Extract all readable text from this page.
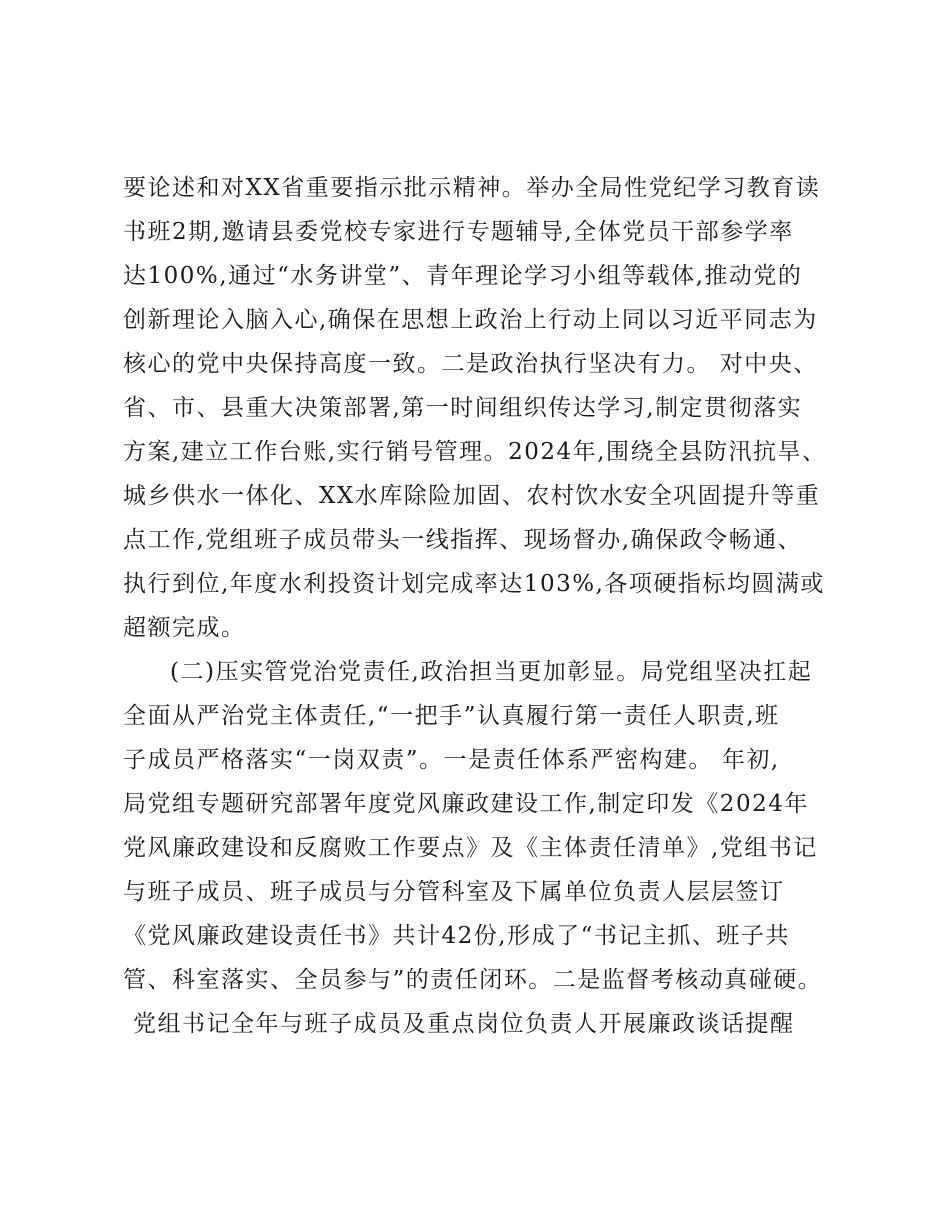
要论述和对XX省重要指示批示精神。举办全局性党纪学习教育读
书班2期,邀请县委党校专家进行专题辅导,全体党员干部参学率
达100%,通过“水务讲堂”、青年理论学习小组等载体,推动党的
创新理论入脑入心,确保在思想上政治上行动上同以习近平同志为
核心的党中央保持高度一致。二是政治执行坚决有力。 对中央、
省、市、县重大决策部署,第一时间组织传达学习,制定贯彻落实
方案,建立工作台账,实行销号管理。2024年,围绕全县防汛抗旱、
城乡供水一体化、XX水库除险加固、农村饮水安全巩固提升等重
点工作,党组班子成员带头一线指挥、现场督办,确保政令畅通、
执行到位,年度水利投资计划完成率达103%,各项硬指标均圆满或
超额完成。
(二)压实管党治党责任,政治担当更加彰显。局党组坚决扛起
全面从严治党主体责任,“一把手”认真履行第一责任人职责,班
子成员严格落实“一岗双责”。一是责任体系严密构建。 年初,
局党组专题研究部署年度党风廉政建设工作,制定印发《2024年
党风廉政建设和反腐败工作要点》及《主体责任清单》,党组书记
与班子成员、班子成员与分管科室及下属单位负责人层层签订
《党风廉政建设责任书》共计42份,形成了“书记主抓、班子共
管、科室落实、全员参与”的责任闭环。二是监督考核动真碰硬。
党组书记全年与班子成员及重点岗位负责人开展廉政谈话提醒
